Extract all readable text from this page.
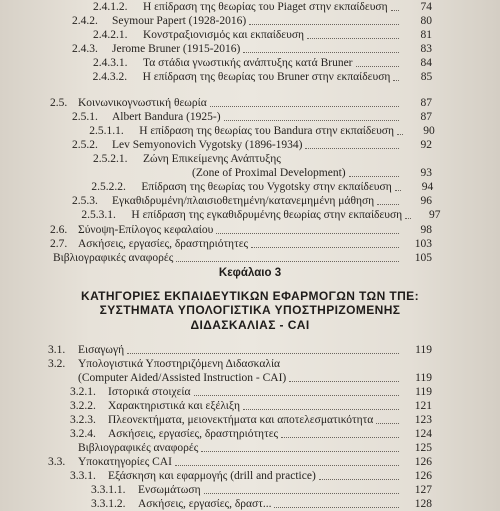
2.4.1.2. Η επίδραση της θεωρίας του Piaget στην εκπαίδευση	74
2.4.2. Seymour Papert (1928-2016)	80
2.4.2.1. Κονστραξιονισμός και εκπαίδευση	81
2.4.3. Jerome Bruner (1915-2016)	83
2.4.3.1. Τα στάδια γνωστικής ανάπτυξης κατά Bruner	84
2.4.3.2. Η επίδραση της θεωρίας του Bruner στην εκπαίδευση	85
2.5. Κοινωνικογνωστική θεωρία	87
2.5.1. Albert Bandura (1925-)	87
2.5.1.1. Η επίδραση της θεωρίας του Bandura στην εκπαίδευση	90
2.5.2. Lev Semyonovich Vygotsky (1896-1934)	92
2.5.2.1. Ζώνη Επικείμενης Ανάπτυξης
(Zone of Proximal Development)	93
2.5.2.2. Επίδραση της θεωρίας του Vygotsky στην εκπαίδευση	94
2.5.3. Εγκαθιδρυμένη/πλαισιοθετημένη/κατανεμημένη μάθηση	96
2.5.3.1. Η επίδραση της εγκαθιδρυμένης θεωρίας στην εκπαίδευση	97
2.6. Σύνοψη-Επίλογος κεφαλαίου	98
2.7. Ασκήσεις, εργασίες, δραστηριότητες	103
Βιβλιογραφικές αναφορές	105
Κεφάλαιο 3
ΚΑΤΗΓΟΡΙΕΣ ΕΚΠΑΙΔΕΥΤΙΚΩΝ ΕΦΑΡΜΟΓΩΝ ΤΩΝ ΤΠΕ:
ΣΥΣΤΗΜΑΤΑ ΥΠΟΛΟΓΙΣΤΙΚΑ ΥΠΟΣΤΗΡΙΖΟΜΕΝΗΣ
ΔΙΔΑΣΚΑΛΙΑΣ - CAI
3.1. Εισαγωγή	119
3.2. Υπολογιστικά Υποστηριζόμενη Διδασκαλία
(Computer Aided/Assisted Instruction - CAI)	119
3.2.1. Ιστορικά στοιχεία	119
3.2.2. Χαρακτηριστικά και εξέλιξη	121
3.2.3. Πλεονεκτήματα, μειονεκτήματα και αποτελεσματικότητα	123
3.2.4. Ασκήσεις, εργασίες, δραστηριότητες	124
Βιβλιογραφικές αναφορές	125
3.3. Υποκατηγορίες CAI	126
3.3.1. Εξάσκηση και εφαρμογής (drill and practice)	126
3.3.1.1. Ενσωμάτωση	127
3.3.1.2. Ασκήσεις, εργασίες, δραστ...	128
